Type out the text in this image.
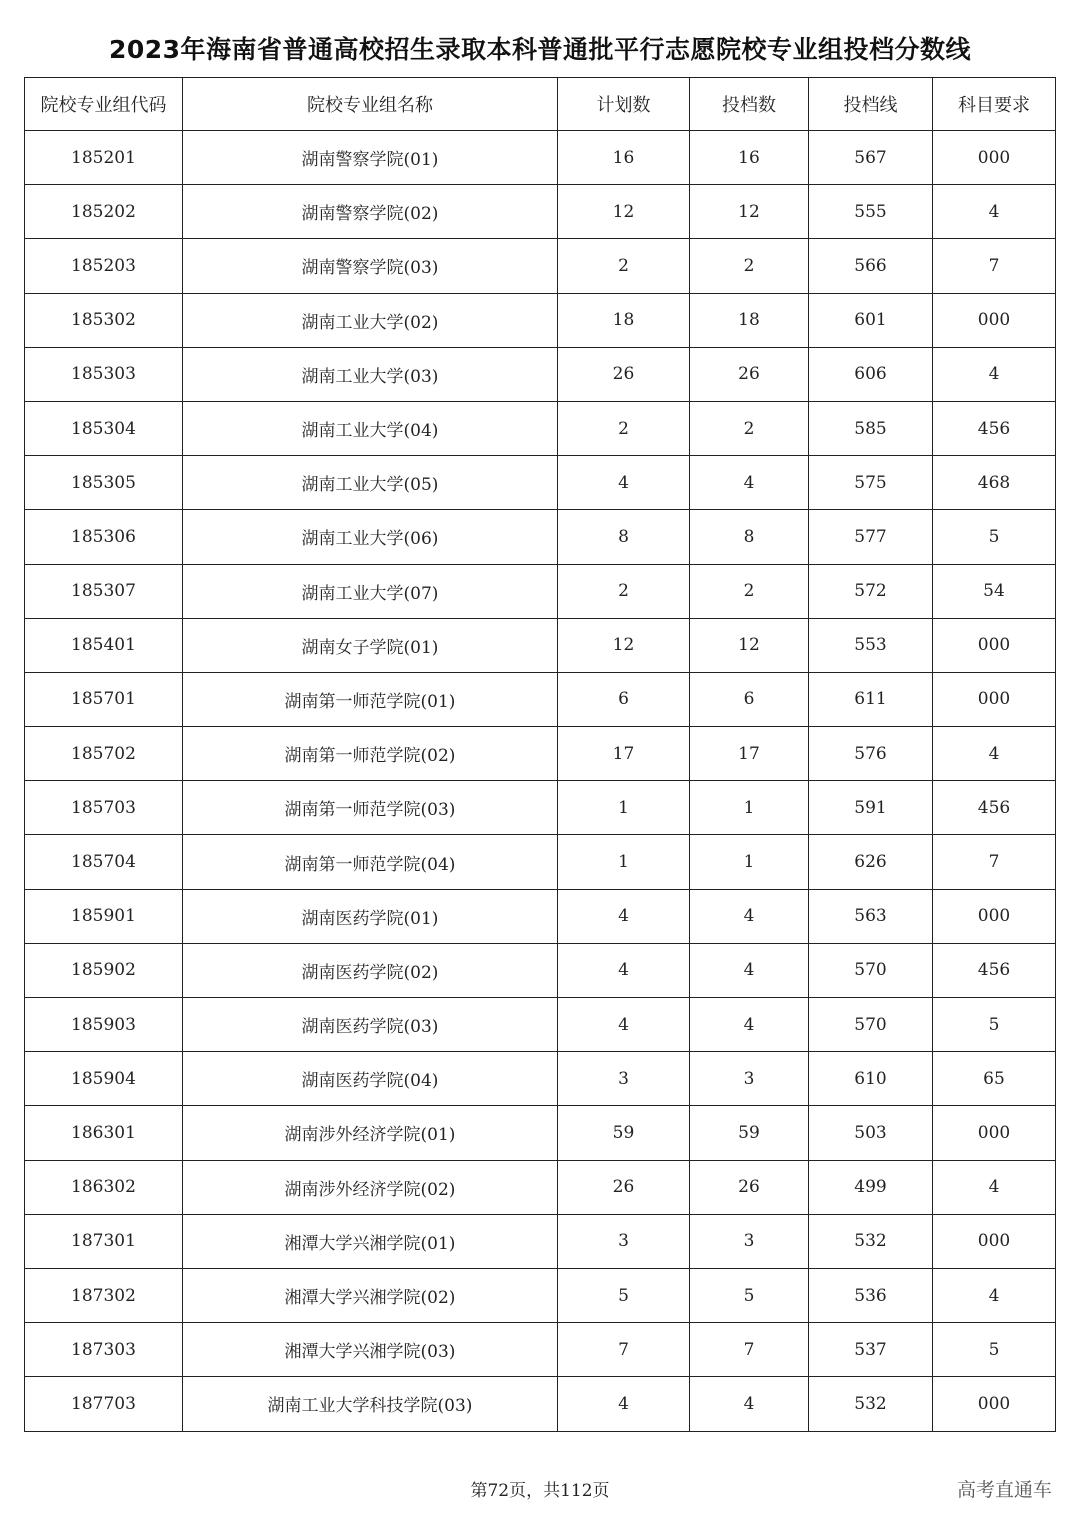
2023年海南省普通高校招生录取本科普通批平行志愿院校专业组投档分数线
院校专业组代码	院校专业组名称	计划数	投档数	投档线	科目要求
185201	湖南警察学院(01)	16	16	567	000
185202	湖南警察学院(02)	12	12	555	4
185203	湖南警察学院(03)	2	2	566	7
185302	湖南工业大学(02)	18	18	601	000
185303	湖南工业大学(03)	26	26	606	4
185304	湖南工业大学(04)	2	2	585	456
185305	湖南工业大学(05)	4	4	575	468
185306	湖南工业大学(06)	8	8	577	5
185307	湖南工业大学(07)	2	2	572	54
185401	湖南女子学院(01)	12	12	553	000
185701	湖南第一师范学院(01)	6	6	611	000
185702	湖南第一师范学院(02)	17	17	576	4
185703	湖南第一师范学院(03)	1	1	591	456
185704	湖南第一师范学院(04)	1	1	626	7
185901	湖南医药学院(01)	4	4	563	000
185902	湖南医药学院(02)	4	4	570	456
185903	湖南医药学院(03)	4	4	570	5
185904	湖南医药学院(04)	3	3	610	65
186301	湖南涉外经济学院(01)	59	59	503	000
186302	湖南涉外经济学院(02)	26	26	499	4
187301	湘潭大学兴湘学院(01)	3	3	532	000
187302	湘潭大学兴湘学院(02)	5	5	536	4
187303	湘潭大学兴湘学院(03)	7	7	537	5
187703	湖南工业大学科技学院(03)	4	4	532	000
第72页，共112页	高考直通车
